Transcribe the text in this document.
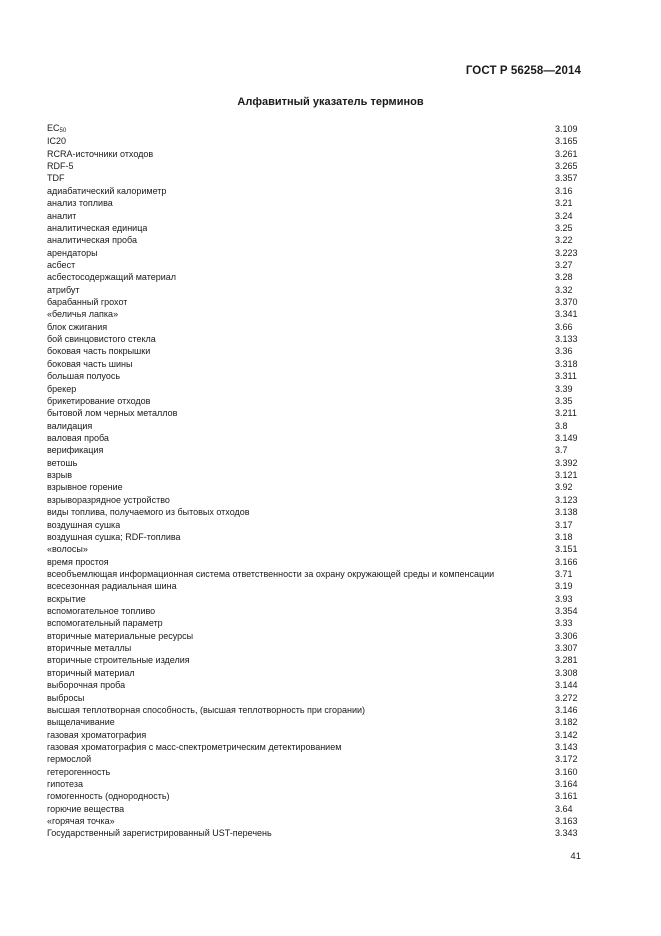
ГОСТ Р 56258—2014
Алфавитный указатель терминов
$EC_{50}$	3.109
IC20	3.165
RCRA-источники отходов	3.261
RDF-5	3.265
TDF	3.357
адиабатический калориметр	3.16
анализ топлива	3.21
аналит	3.24
аналитическая единица	3.25
аналитическая проба	3.22
арендаторы	3.223
асбест	3.27
асбестосодержащий материал	3.28
атрибут	3.32
барабанный грохот	3.370
«беличья лапка»	3.341
блок сжигания	3.66
бой свинцовистого стекла	3.133
боковая часть покрышки	3.36
боковая часть шины	3.318
большая полуось	3.311
брекер	3.39
брикетирование отходов	3.35
бытовой лом черных металлов	3.211
валидация	3.8
валовая проба	3.149
верификация	3.7
ветошь	3.392
взрыв	3.121
взрывное горение	3.92
взрыворазрядное устройство	3.123
виды топлива, получаемого из бытовых отходов	3.138
воздушная сушка	3.17
воздушная сушка; RDF-топлива	3.18
«волосы»	3.151
время простоя	3.166
всеобъемлющая информационная система ответственности за охрану окружающей среды и компенсации	3.71
всесезонная радиальная шина	3.19
вскрытие	3.93
вспомогательное топливо	3.354
вспомогательный параметр	3.33
вторичные материальные ресурсы	3.306
вторичные металлы	3.307
вторичные строительные изделия	3.281
вторичный материал	3.308
выборочная проба	3.144
выбросы	3.272
высшая теплотворная способность, (высшая теплотворность при сгорании)	3.146
выщелачивание	3.182
газовая хроматография	3.142
газовая хроматография с масс-спектрометрическим детектированием	3.143
гермослой	3.172
гетерогенность	3.160
гипотеза	3.164
гомогенность (однородность)	3.161
горючие вещества	3.64
«горячая точка»	3.163
Государственный зарегистрированный UST-перечень	3.343
41
